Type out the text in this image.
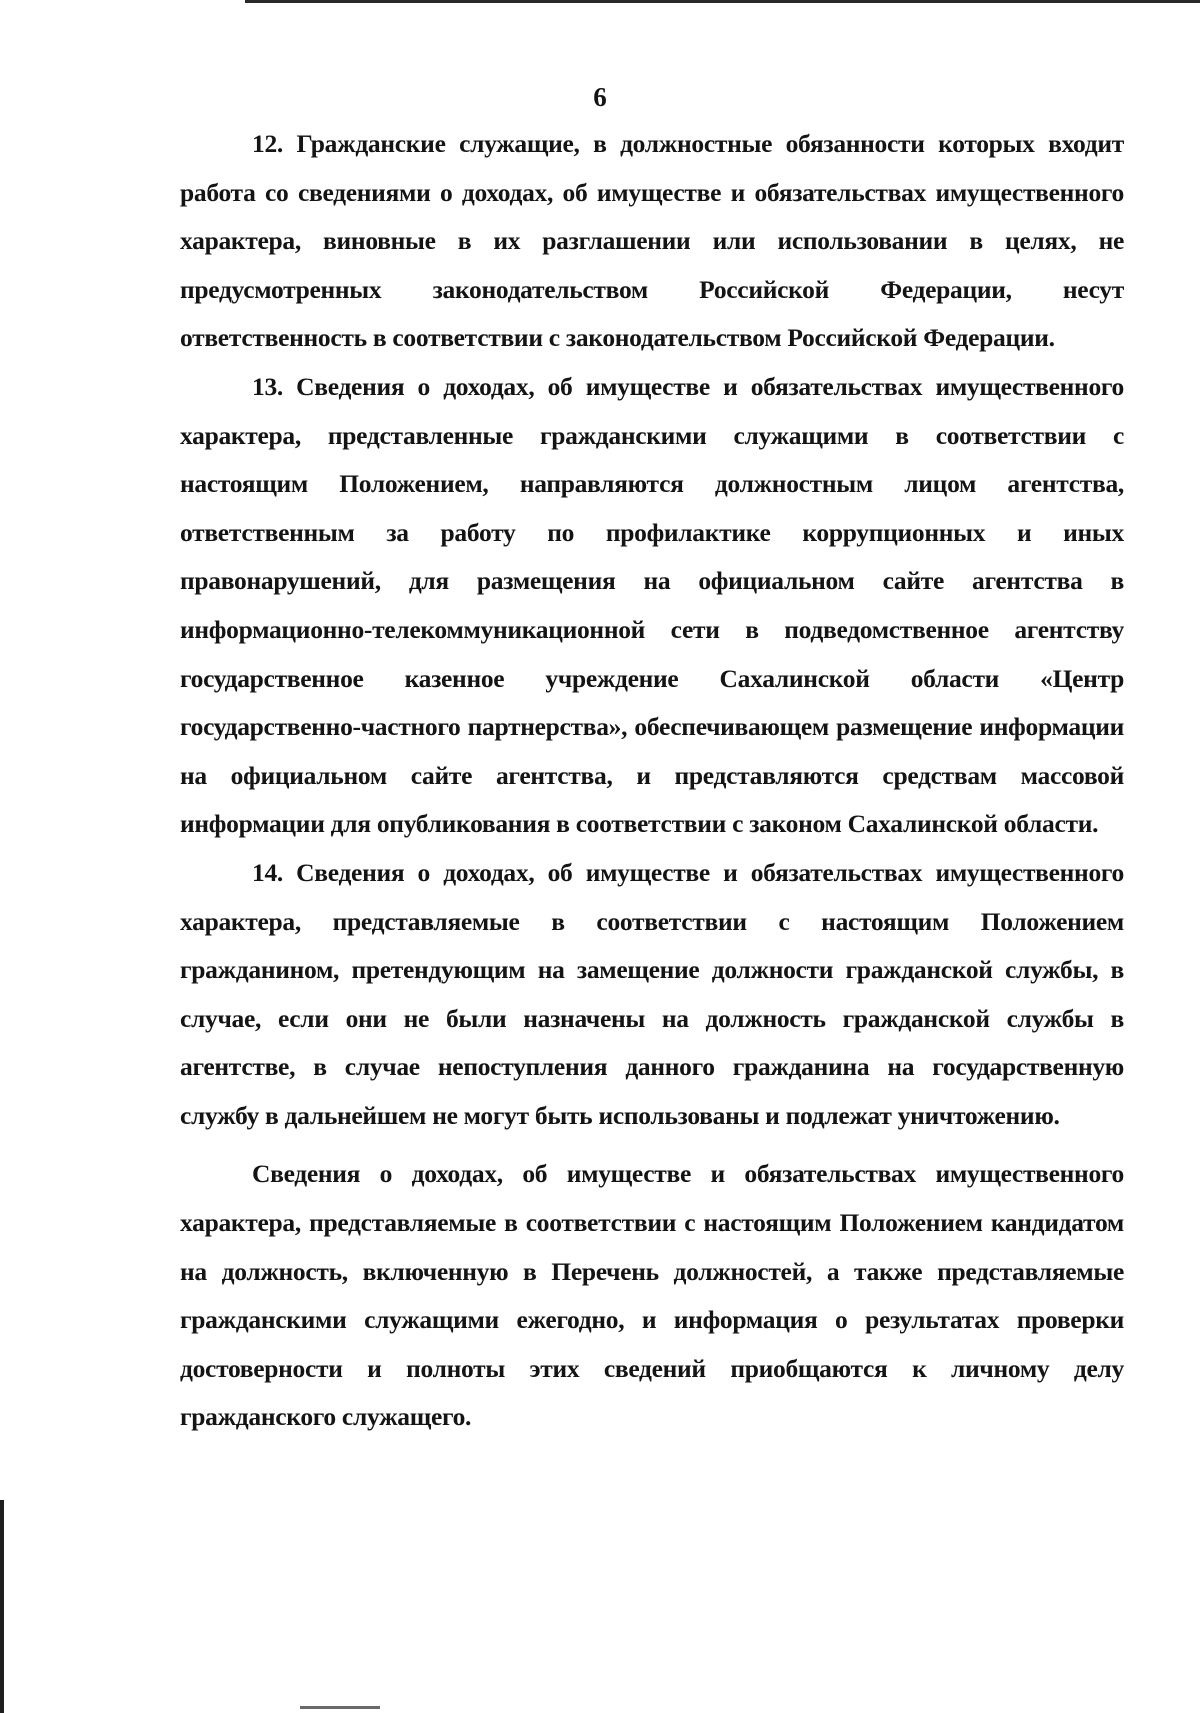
6

12. Гражданские служащие, в должностные обязанности которых входит работа со сведениями о доходах, об имуществе и обязательствах имущественного характера, виновные в их разглашении или использовании в целях, не предусмотренных законодательством Российской Федерации, несут ответственность в соответствии с законодательством Российской Федерации.

13. Сведения о доходах, об имуществе и обязательствах имущественного характера, представленные гражданскими служащими в соответствии с настоящим Положением, направляются должностным лицом агентства, ответственным за работу по профилактике коррупционных и иных правонарушений, для размещения на официальном сайте агентства в информационно-телекоммуникационной сети в подведомственное агентству государственное казенное учреждение Сахалинской области «Центр государственно-частного партнерства», обеспечивающем размещение информации на официальном сайте агентства, и представляются средствам массовой информации для опубликования в соответствии с законом Сахалинской области.

14. Сведения о доходах, об имуществе и обязательствах имущественного характера, представляемые в соответствии с настоящим Положением гражданином, претендующим на замещение должности гражданской службы, в случае, если они не были назначены на должность гражданской службы в агентстве, в случае непоступления данного гражданина на государственную службу в дальнейшем не могут быть использованы и подлежат уничтожению.

Сведения о доходах, об имуществе и обязательствах имущественного характера, представляемые в соответствии с настоящим Положением кандидатом на должность, включенную в Перечень должностей, а также представляемые гражданскими служащими ежегодно, и информация о результатах проверки достоверности и полноты этих сведений приобщаются к личному делу гражданского служащего.
